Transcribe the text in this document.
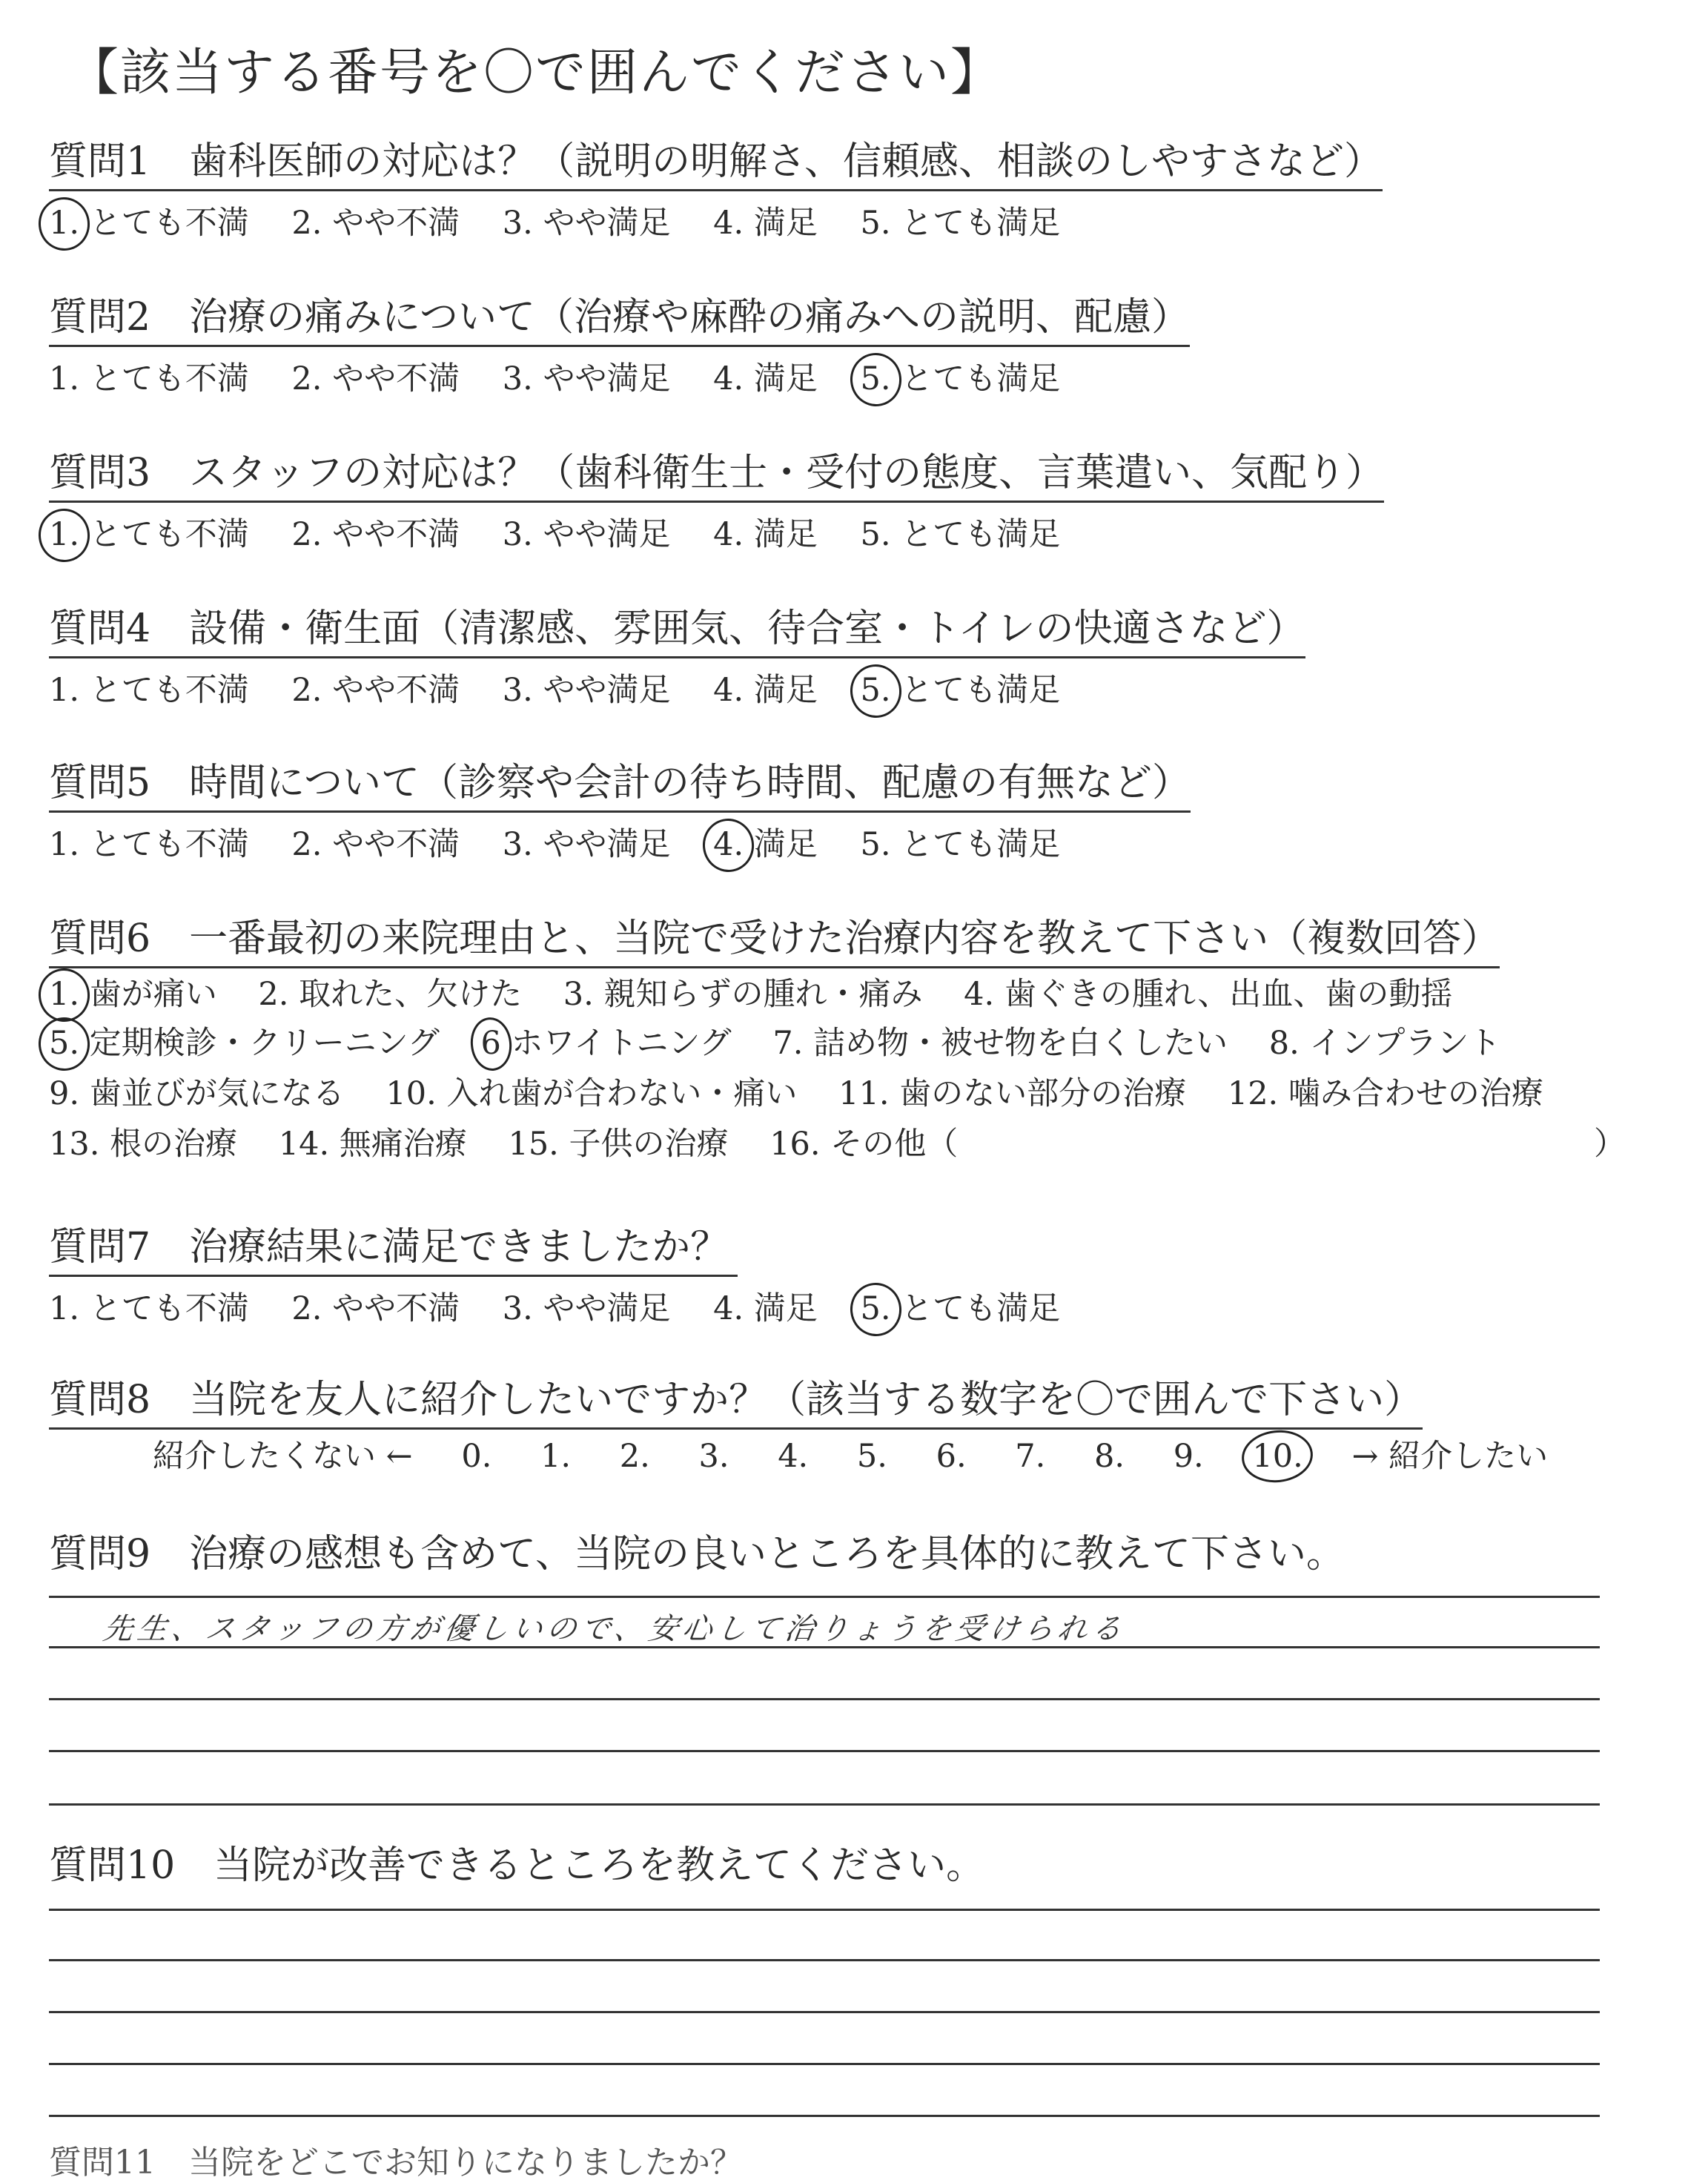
【該当する番号を〇で囲んでください】
質問1　歯科医師の対応は？（説明の明解さ、信頼感、相談のしやすさなど）
1. とても不満 2. やや不満 3. やや満足 4. 満足 5. とても満足
質問2　治療の痛みについて（治療や麻酔の痛みへの説明、配慮）
1. とても不満 2. やや不満 3. やや満足 4. 満足 5. とても満足
質問3　スタッフの対応は？（歯科衛生士・受付の態度、言葉遣い、気配り）
1. とても不満 2. やや不満 3. やや満足 4. 満足 5. とても満足
質問4　設備・衛生面（清潔感、雰囲気、待合室・トイレの快適さなど）
1. とても不満 2. やや不満 3. やや満足 4. 満足 5. とても満足
質問5　時間について（診察や会計の待ち時間、配慮の有無など）
1. とても不満 2. やや不満 3. やや満足 4. 満足 5. とても満足
質問6　一番最初の来院理由と、当院で受けた治療内容を教えて下さい（複数回答）
1. 歯が痛い 2. 取れた、欠けた 3. 親知らずの腫れ・痛み 4. 歯ぐきの腫れ、出血、歯の動揺
5. 定期検診・クリーニング 6 ホワイトニング 7. 詰め物・被せ物を白くしたい 8. インプラント
9. 歯並びが気になる 10. 入れ歯が合わない・痛い 11. 歯のない部分の治療 12. 噛み合わせの治療
13. 根の治療 14. 無痛治療 15. 子供の治療 16. その他（	）
質問7　治療結果に満足できましたか？
1. とても不満 2. やや不満 3. やや満足 4. 満足 5. とても満足
質問8　当院を友人に紹介したいですか？（該当する数字を〇で囲んで下さい）
紹介したくない ← 0. 1. 2. 3. 4. 5. 6. 7. 8. 9. 10. → 紹介したい
質問9　治療の感想も含めて、当院の良いところを具体的に教えて下さい。
先生、スタッフの方が優しいので、安心して治りょうを受けられる
質問10　当院が改善できるところを教えてください。
質問11　当院をどこでお知りになりましたか？
